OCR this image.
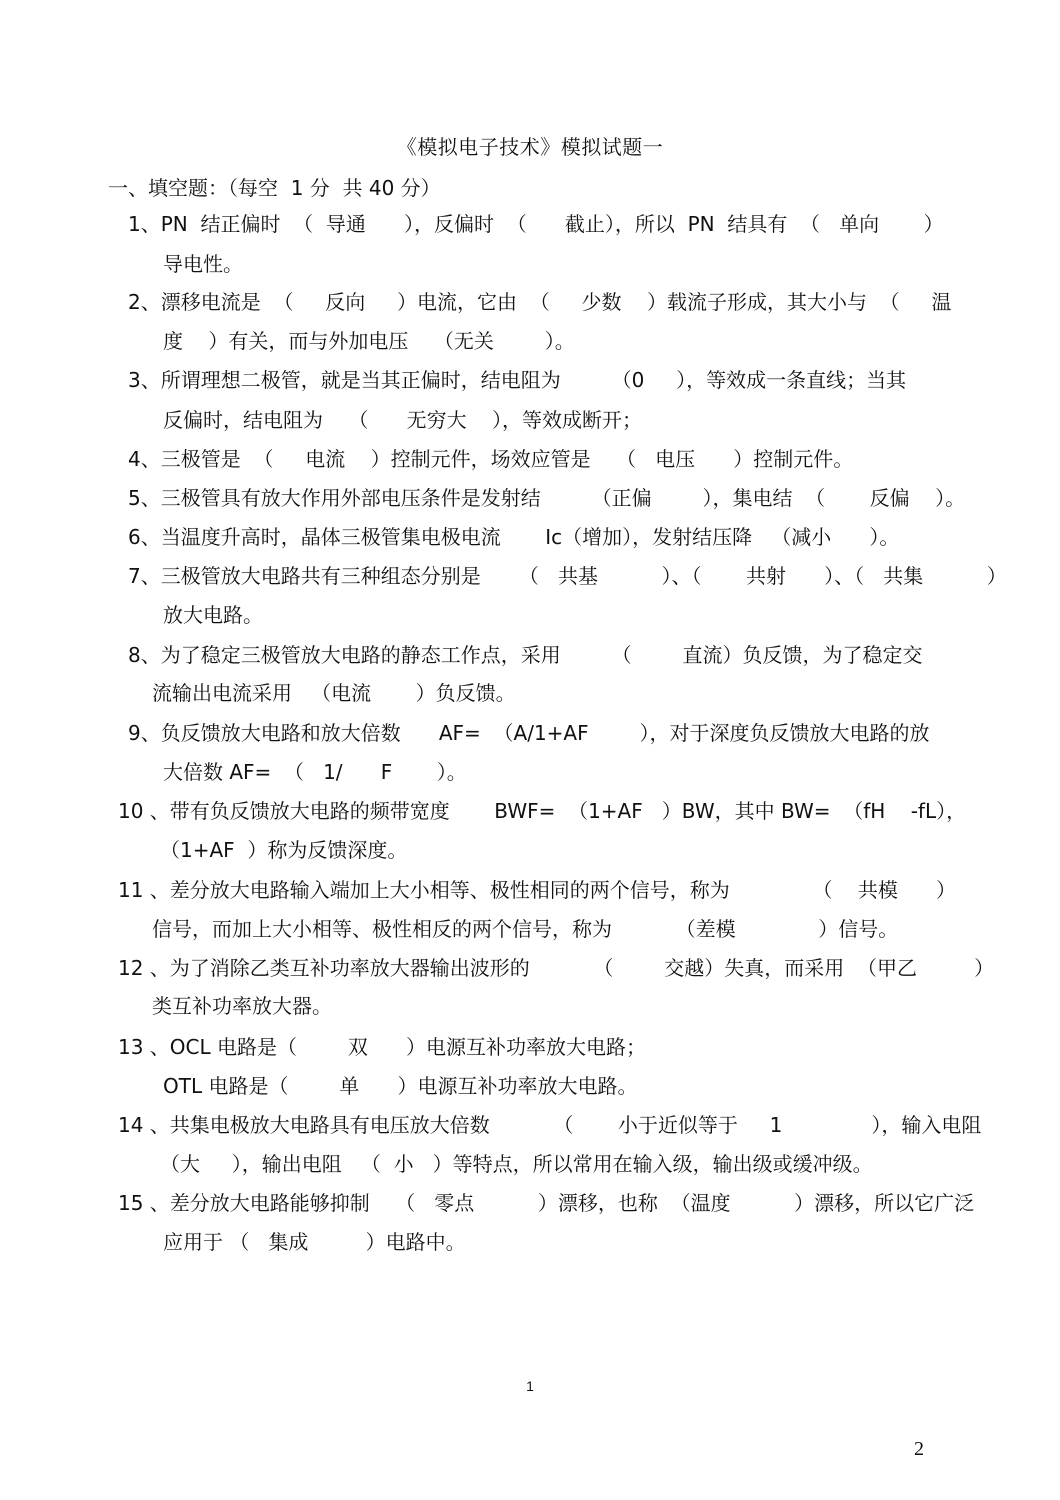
《模拟电子技术》模拟试题一
一、填空题：（每空  1 分  共 40 分）
1、PN  结正偏时  （  导通      ），反偏时  （      截止），所以  PN  结具有  （   单向       ）
导电性。
2、漂移电流是  （     反向     ）电流，它由  （     少数    ）载流子形成，其大小与  （     温
度    ）有关，而与外加电压    （无关        ）。
3、所谓理想二极管，就是当其正偏时，结电阻为        （0     ），等效成一条直线；当其
反偏时，结电阻为    （      无穷大    ），等效成断开；
4、三极管是  （     电流    ）控制元件，场效应管是    （   电压      ）控制元件。
5、三极管具有放大作用外部电压条件是发射结        （正偏        ），集电结  （       反偏    ）。
6、当温度升高时，晶体三极管集电极电流       Ic（增加），发射结压降   （减小      ）。
7、三极管放大电路共有三种组态分别是      （   共基          ）、（       共射      ）、（   共集          ）
放大电路。
8、为了稳定三极管放大电路的静态工作点，采用        （        直流）负反馈，为了稳定交
流输出电流采用   （电流       ）负反馈。
9、负反馈放大电路和放大倍数      AF=  （A/1+AF        ），对于深度负反馈放大电路的放
大倍数 AF=  （   1/      F       ）。
10 、带有负反馈放大电路的频带宽度       BWF=  （1+AF   ）BW，其中 BW=  （fH    -fL），
（1+AF  ）称为反馈深度。
11 、差分放大电路输入端加上大小相等、极性相同的两个信号，称为             （    共模      ）
信号，而加上大小相等、极性相反的两个信号，称为          （差模             ）信号。
12 、为了消除乙类互补功率放大器输出波形的          （        交越）失真，而采用  （甲乙         ）
类互补功率放大器。
13 、OCL 电路是（        双      ）电源互补功率放大电路；
OTL 电路是（        单      ）电源互补功率放大电路。
14 、共集电极放大电路具有电压放大倍数          （       小于近似等于     1              ），输入电阻
（大     ），输出电阻   （  小   ）等特点，所以常用在输入级，输出级或缓冲级。
15 、差分放大电路能够抑制    （   零点          ）漂移，也称  （温度          ）漂移，所以它广泛
应用于 （   集成         ）电路中。
1
2
